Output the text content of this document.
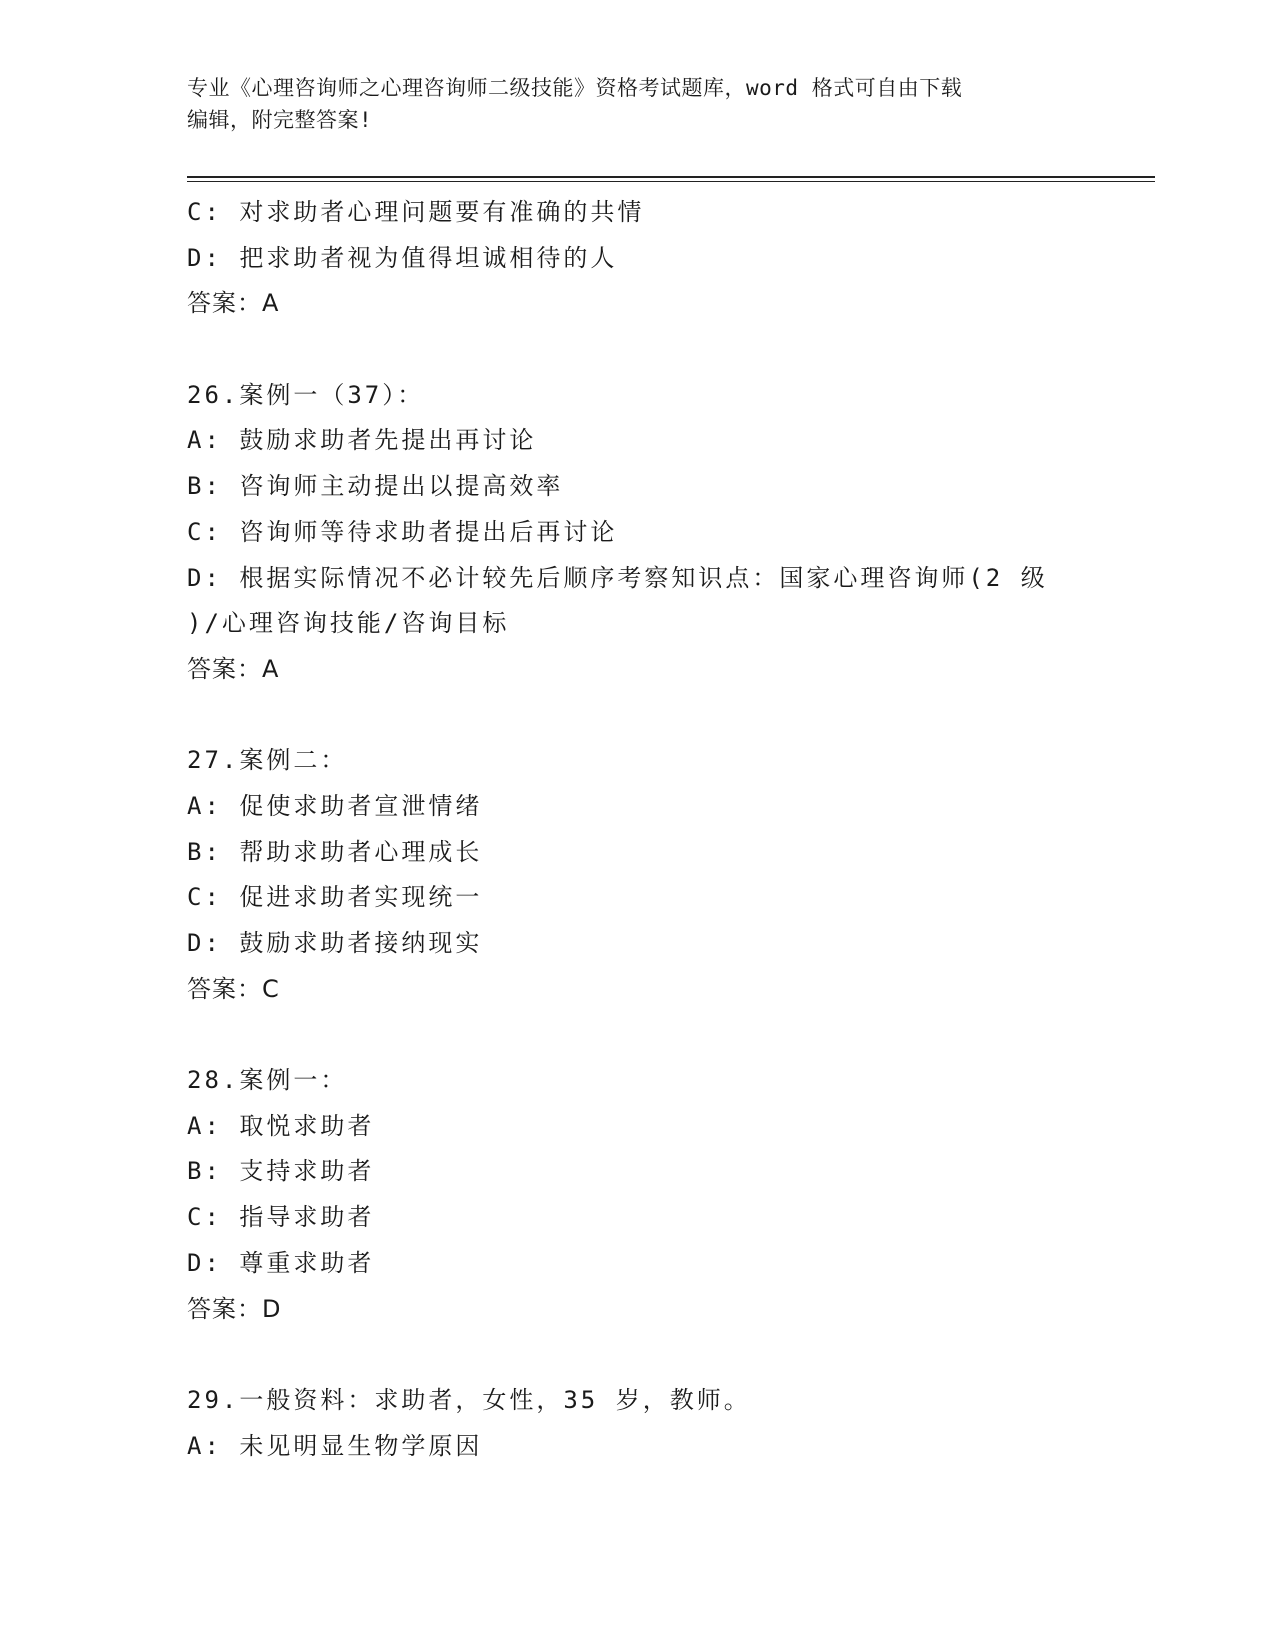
专业《心理咨询师之心理咨询师二级技能》资格考试题库，word 格式可自由下载
编辑，附完整答案!
C: 对求助者心理问题要有准确的共情
D: 把求助者视为值得坦诚相待的人
答案：A
26.案例一（37）：
A: 鼓励求助者先提出再讨论
B: 咨询师主动提出以提高效率
C: 咨询师等待求助者提出后再讨论
D: 根据实际情况不必计较先后顺序考察知识点：国家心理咨询师(2 级
)/心理咨询技能/咨询目标
答案：A
27.案例二：
A: 促使求助者宣泄情绪
B: 帮助求助者心理成长
C: 促进求助者实现统一
D: 鼓励求助者接纳现实
答案：C
28.案例一：
A: 取悦求助者
B: 支持求助者
C: 指导求助者
D: 尊重求助者
答案：D
29.一般资料：求助者，女性，35 岁，教师。
A: 未见明显生物学原因
